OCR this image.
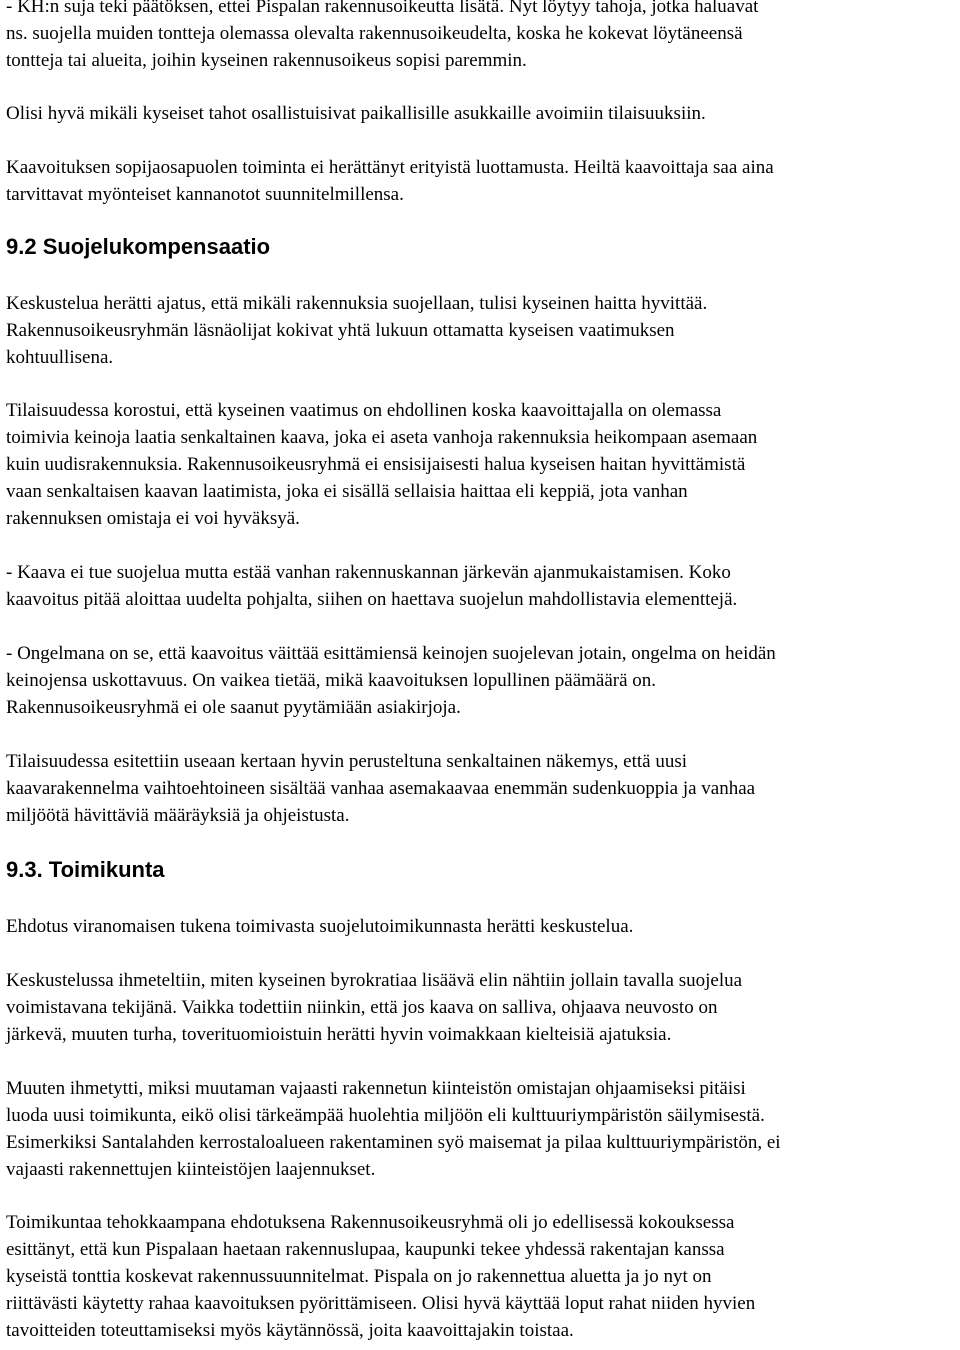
- KH:n suja teki päätöksen, ettei Pispalan rakennusoikeutta lisätä. Nyt löytyy tahoja, jotka haluavat
ns. suojella muiden tontteja olemassa olevalta rakennusoikeudelta, koska he kokevat löytäneensä
tontteja tai alueita, joihin kyseinen rakennusoikeus sopisi paremmin.

Olisi hyvä mikäli kyseiset tahot osallistuisivat paikallisille asukkaille avoimiin tilaisuuksiin.

Kaavoituksen sopijaosapuolen toiminta ei herättänyt erityistä luottamusta. Heiltä kaavoittaja saa aina
tarvittavat myönteiset kannanotot suunnitelmillensa.

9.2 Suojelukompensaatio

Keskustelua herätti ajatus, että mikäli rakennuksia suojellaan, tulisi kyseinen haitta hyvittää.
Rakennusoikeusryhmän läsnäolijat kokivat yhtä lukuun ottamatta kyseisen vaatimuksen
kohtuullisena.

Tilaisuudessa korostui, että kyseinen vaatimus on ehdollinen koska kaavoittajalla on olemassa
toimivia keinoja laatia senkaltainen kaava, joka ei aseta vanhoja rakennuksia heikompaan asemaan
kuin uudisrakennuksia. Rakennusoikeusryhmä ei ensisijaisesti halua kyseisen haitan hyvittämistä
vaan senkaltaisen kaavan laatimista, joka ei sisällä sellaisia haittaa eli keppiä, jota vanhan
rakennuksen omistaja ei voi hyväksyä.

- Kaava ei tue suojelua mutta estää vanhan rakennuskannan järkevän ajanmukaistamisen. Koko
kaavoitus pitää aloittaa uudelta pohjalta, siihen on haettava suojelun mahdollistavia elementtejä.

- Ongelmana on se, että kaavoitus väittää esittämiensä keinojen suojelevan jotain, ongelma on heidän
keinojensa uskottavuus. On vaikea tietää, mikä kaavoituksen lopullinen päämäärä on.
Rakennusoikeusryhmä ei ole saanut pyytämiään asiakirjoja.

Tilaisuudessa esitettiin useaan kertaan hyvin perusteltuna senkaltainen näkemys, että uusi
kaavarakennelma vaihtoehtoineen sisältää vanhaa asemakaavaa enemmän sudenkuoppia ja vanhaa
miljöötä hävittäviä määräyksiä ja ohjeistusta.

9.3. Toimikunta

Ehdotus viranomaisen tukena toimivasta suojelutoimikunnasta herätti keskustelua.

Keskustelussa ihmeteltiin, miten kyseinen byrokratiaa lisäävä elin nähtiin jollain tavalla suojelua
voimistavana tekijänä. Vaikka todettiin niinkin, että jos kaava on salliva, ohjaava neuvosto on
järkevä, muuten turha, toverituomioistuin herätti hyvin voimakkaan kielteisiä ajatuksia.

Muuten ihmetytti, miksi muutaman vajaasti rakennetun kiinteistön omistajan ohjaamiseksi pitäisi
luoda uusi toimikunta, eikö olisi tärkeämpää huolehtia miljöön eli kulttuuriympäristön säilymisestä.
Esimerkiksi Santalahden kerrostaloalueen rakentaminen syö maisemat ja pilaa kulttuuriympäristön, ei
vajaasti rakennettujen kiinteistöjen laajennukset.

Toimikuntaa tehokkaampana ehdotuksena Rakennusoikeusryhmä oli jo edellisessä kokouksessa
esittänyt, että kun Pispalaan haetaan rakennuslupaa, kaupunki tekee yhdessä rakentajan kanssa
kyseistä tonttia koskevat rakennussuunnitelmat. Pispala on jo rakennettua aluetta ja jo nyt on
riittävästi käytetty rahaa kaavoituksen pyörittämiseen. Olisi hyvä käyttää loput rahat niiden hyvien
tavoitteiden toteuttamiseksi myös käytännössä, joita kaavoittajakin toistaa.
